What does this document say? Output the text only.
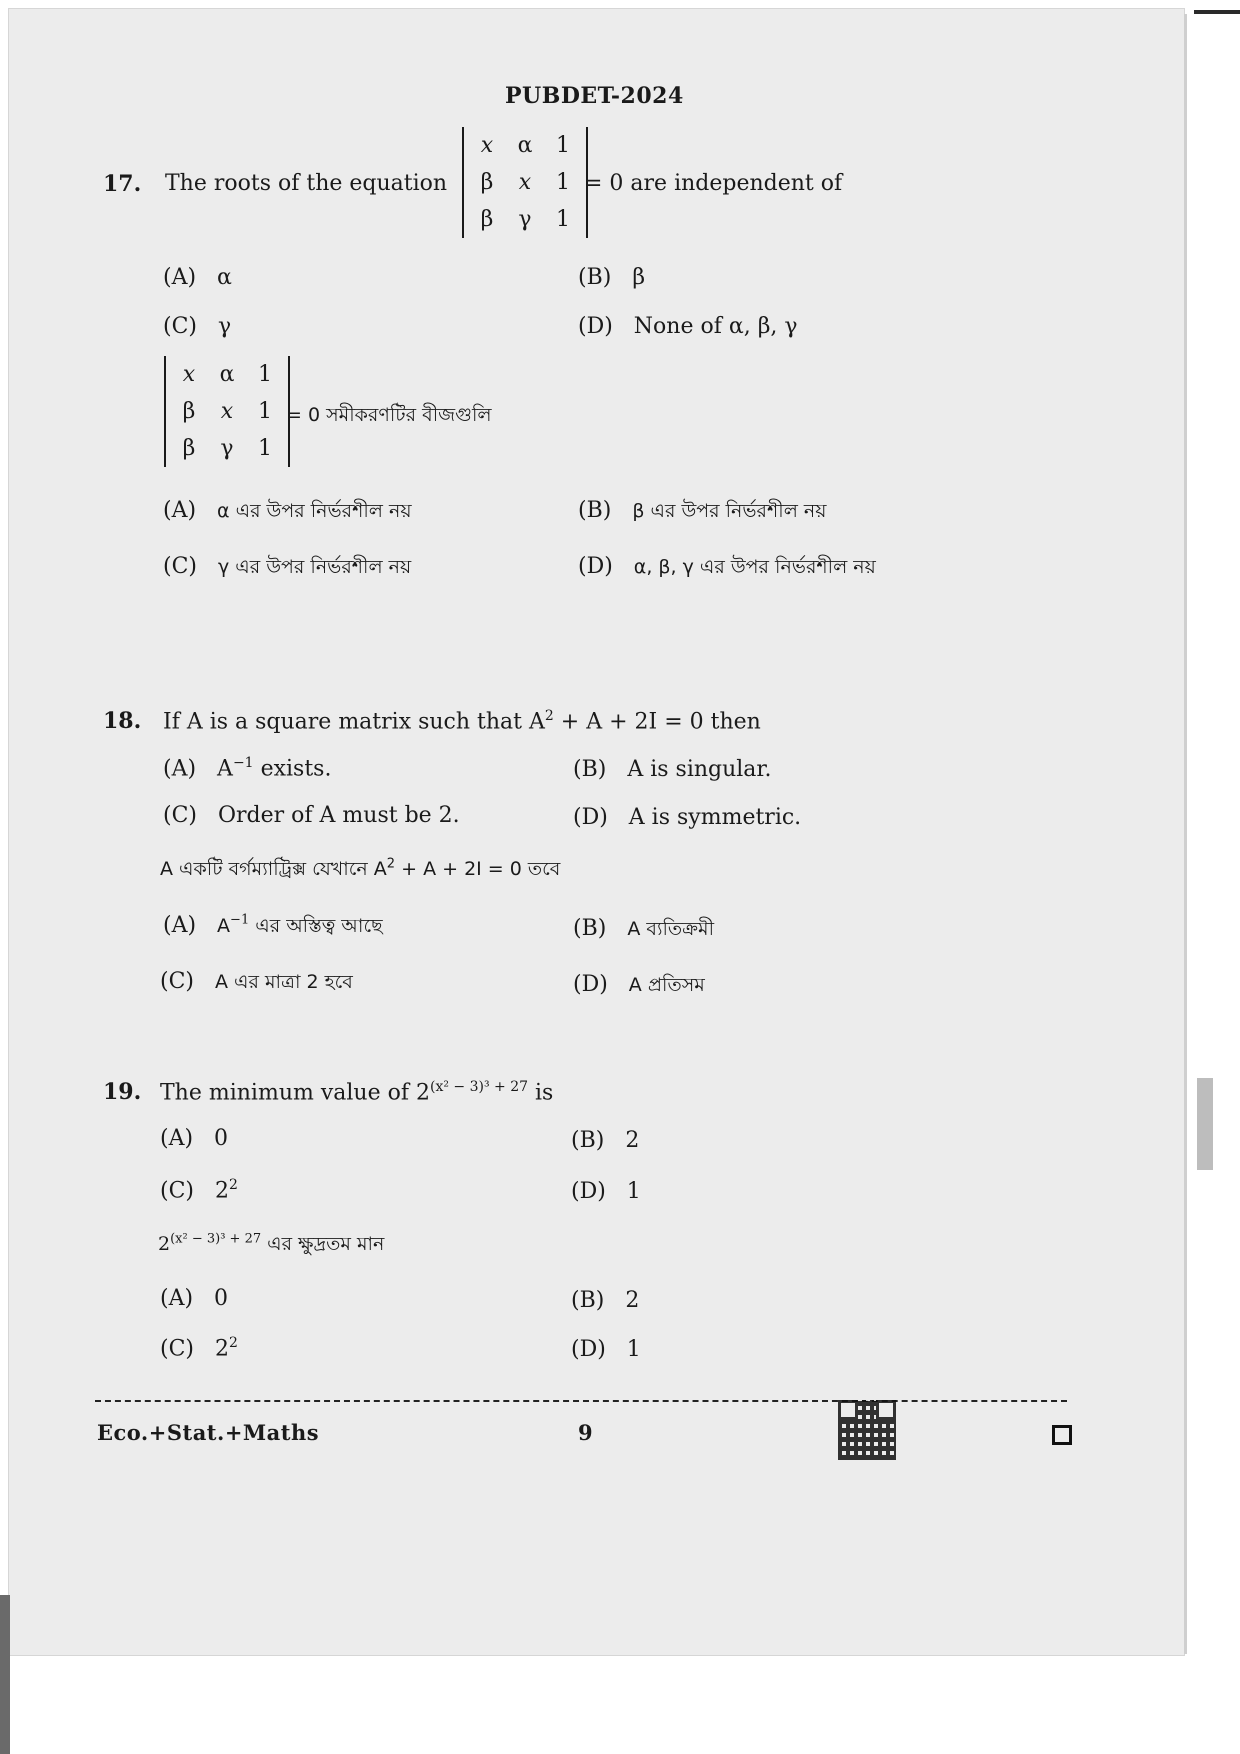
PUBDET-2024
17. The roots of the equation
x	α	1
β	x	1
β	γ	1
= 0 are independent of
(A) α	(B) β
(C) γ	(D) None of α, β, γ
x	α	1
β	x	1
β	γ	1
= 0 সমীকরণটির বীজগুলি
(A) α এর উপর নির্ভরশীল নয়	(B) β এর উপর নির্ভরশীল নয়
(C) γ এর উপর নির্ভরশীল নয়	(D) α, β, γ এর উপর নির্ভরশীল নয়
18. If A is a square matrix such that $A^2 + A + 2I = 0$ then
(A) $A^{-1}$ exists.	(B) A is singular.
(C) Order of A must be 2.	(D) A is symmetric.
A একটি বর্গম্যাট্রিক্স যেখানে $A^2 + A + 2I = 0$ তবে
(A) $A^{-1}$ এর অস্তিত্ব আছে	(B) A ব্যতিক্রমী
(C) A এর মাত্রা 2 হবে	(D) A প্রতিসম
19. The minimum value of $2^{(x^2 - 3)^3 + 27}$ is
(A) 0	(B) 2
(C) $2^2$	(D) 1
$2^{(x^2 - 3)^3 + 27}$ এর ক্ষুদ্রতম মান
(A) 0	(B) 2
(C) $2^2$	(D) 1
Eco.+Stat.+Maths	9
